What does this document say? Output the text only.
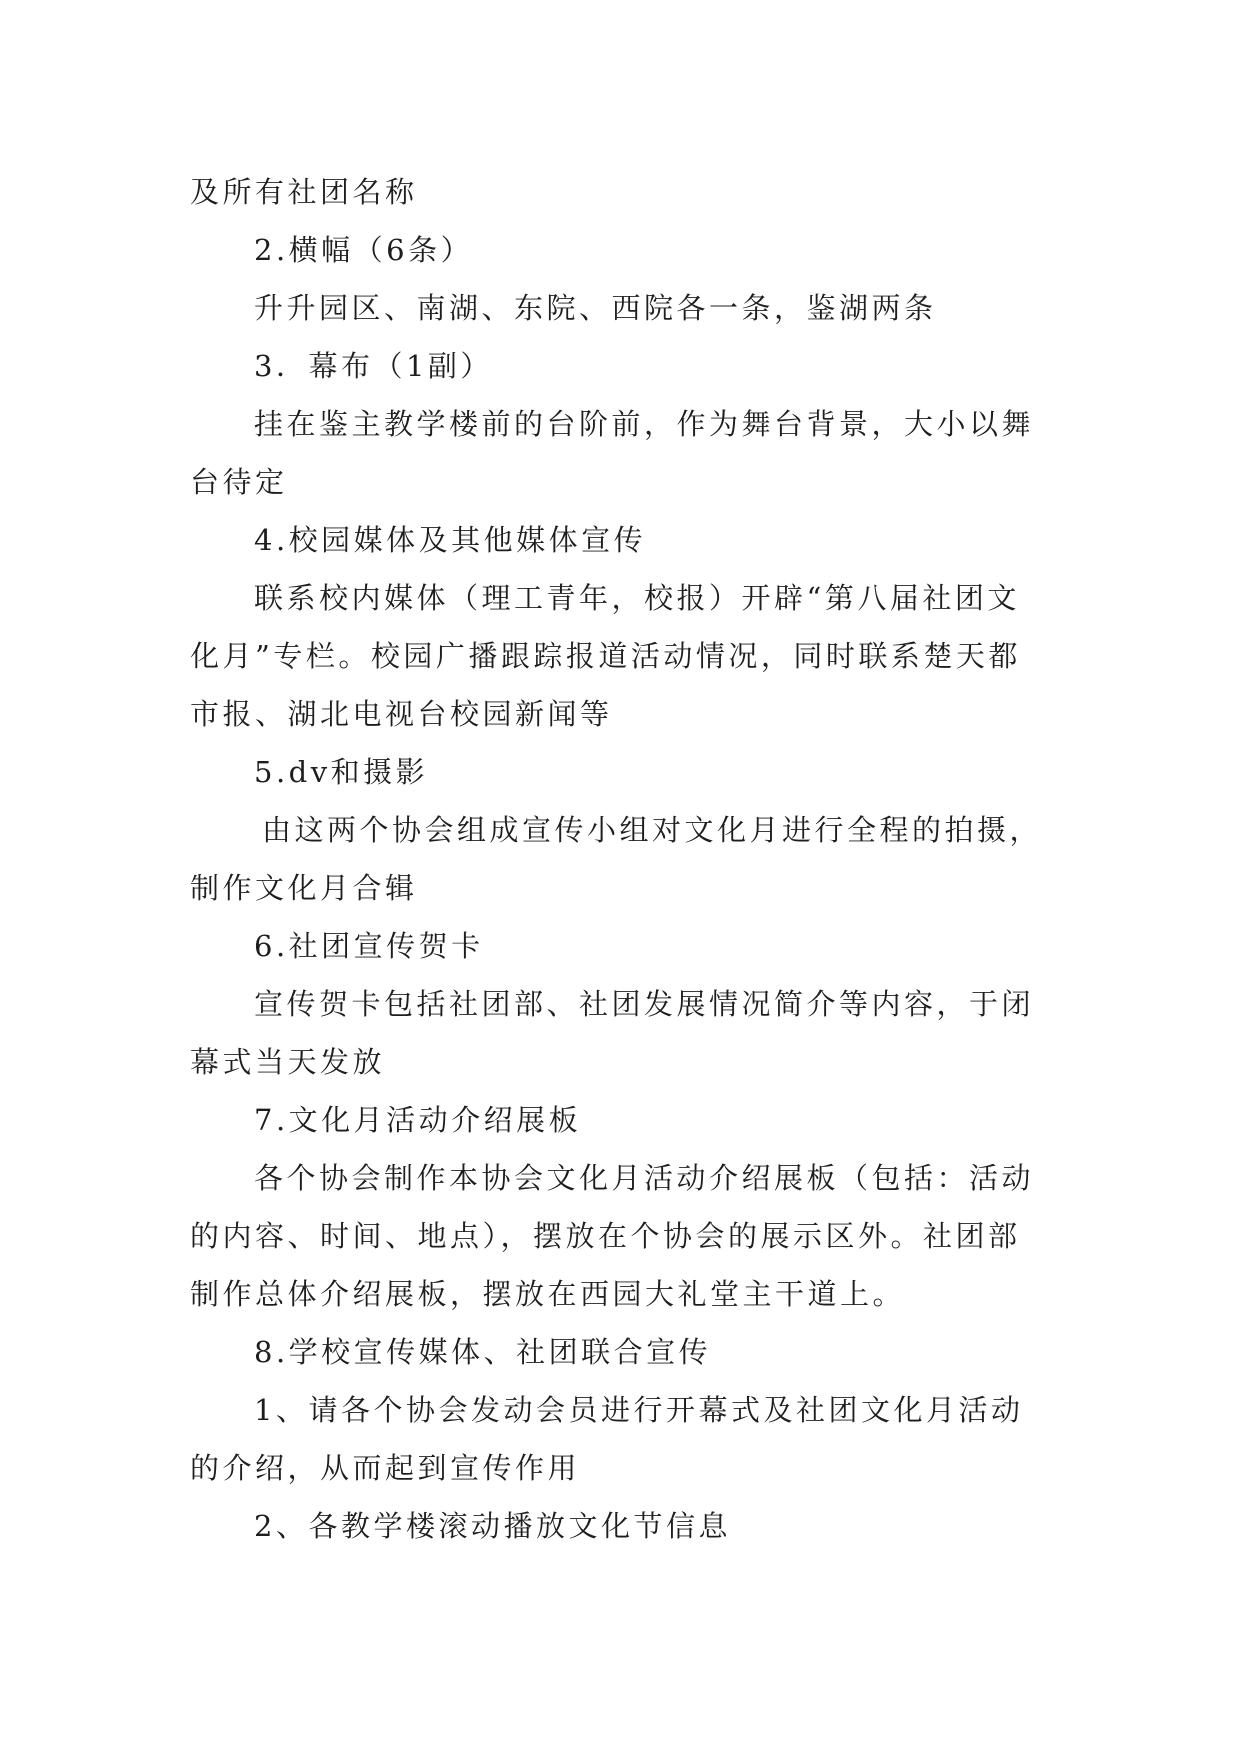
及所有社团名称

2.横幅（6条）

升升园区、南湖、东院、西院各一条，鉴湖两条

3．幕布（1副）

挂在鉴主教学楼前的台阶前，作为舞台背景，大小以舞

台待定

4.校园媒体及其他媒体宣传

联系校内媒体（理工青年，校报）开辟“第八届社团文

化月”专栏。校园广播跟踪报道活动情况，同时联系楚天都

市报、湖北电视台校园新闻等

5.dv和摄影

由这两个协会组成宣传小组对文化月进行全程的拍摄，

制作文化月合辑

6.社团宣传贺卡

宣传贺卡包括社团部、社团发展情况简介等内容，于闭

幕式当天发放

7.文化月活动介绍展板

各个协会制作本协会文化月活动介绍展板（包括：活动

的内容、时间、地点），摆放在个协会的展示区外。社团部

制作总体介绍展板，摆放在西园大礼堂主干道上。

8.学校宣传媒体、社团联合宣传

1、请各个协会发动会员进行开幕式及社团文化月活动

的介绍，从而起到宣传作用

2、各教学楼滚动播放文化节信息
